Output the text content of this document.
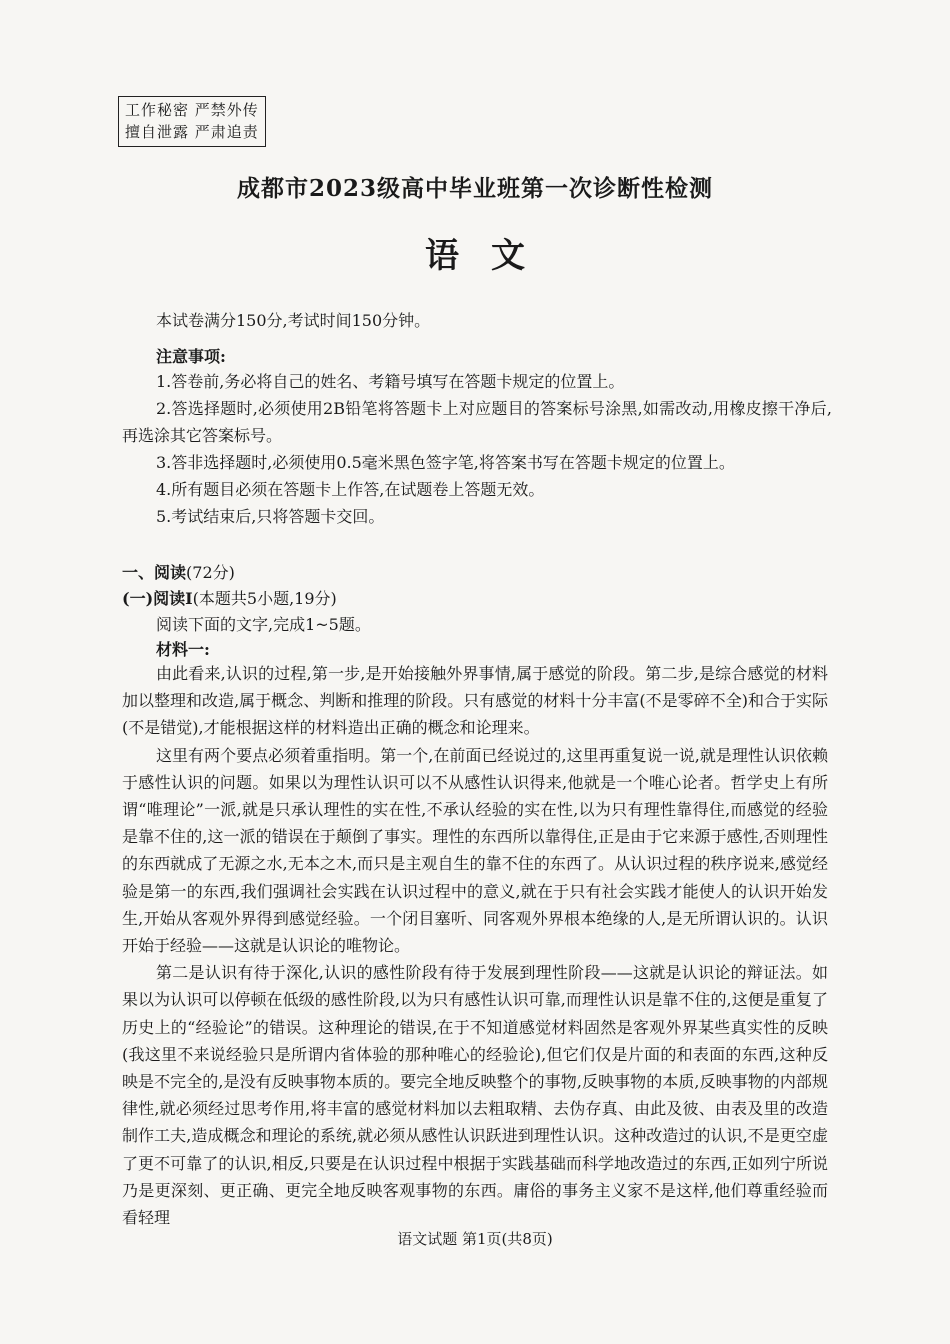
工作秘密 严禁外传
擅自泄露 严肃追责
成都市2023级高中毕业班第一次诊断性检测
语文
本试卷满分150分,考试时间150分钟。
注意事项:
1.答卷前,务必将自己的姓名、考籍号填写在答题卡规定的位置上。
2.答选择题时,必须使用2B铅笔将答题卡上对应题目的答案标号涂黑,如需改动,用橡皮擦干净后,再选涂其它答案标号。
3.答非选择题时,必须使用0.5毫米黑色签字笔,将答案书写在答题卡规定的位置上。
4.所有题目必须在答题卡上作答,在试题卷上答题无效。
5.考试结束后,只将答题卡交回。
一、阅读(72分)
(一)阅读Ⅰ(本题共5小题,19分)
阅读下面的文字,完成1~5题。
材料一:

由此看来,认识的过程,第一步,是开始接触外界事情,属于感觉的阶段。第二步,是综合感觉的材料加以整理和改造,属于概念、判断和推理的阶段。只有感觉的材料十分丰富(不是零碎不全)和合于实际(不是错觉),才能根据这样的材料造出正确的概念和论理来。

这里有两个要点必须着重指明。第一个,在前面已经说过的,这里再重复说一说,就是理性认识依赖于感性认识的问题。如果以为理性认识可以不从感性认识得来,他就是一个唯心论者。哲学史上有所谓“唯理论”一派,就是只承认理性的实在性,不承认经验的实在性,以为只有理性靠得住,而感觉的经验是靠不住的,这一派的错误在于颠倒了事实。理性的东西所以靠得住,正是由于它来源于感性,否则理性的东西就成了无源之水,无本之木,而只是主观自生的靠不住的东西了。从认识过程的秩序说来,感觉经验是第一的东西,我们强调社会实践在认识过程中的意义,就在于只有社会实践才能使人的认识开始发生,开始从客观外界得到感觉经验。一个闭目塞听、同客观外界根本绝缘的人,是无所谓认识的。认识开始于经验——这就是认识论的唯物论。

第二是认识有待于深化,认识的感性阶段有待于发展到理性阶段——这就是认识论的辩证法。如果以为认识可以停顿在低级的感性阶段,以为只有感性认识可靠,而理性认识是靠不住的,这便是重复了历史上的“经验论”的错误。这种理论的错误,在于不知道感觉材料固然是客观外界某些真实性的反映(我这里不来说经验只是所谓内省体验的那种唯心的经验论),但它们仅是片面的和表面的东西,这种反映是不完全的,是没有反映事物本质的。要完全地反映整个的事物,反映事物的本质,反映事物的内部规律性,就必须经过思考作用,将丰富的感觉材料加以去粗取精、去伪存真、由此及彼、由表及里的改造制作工夫,造成概念和理论的系统,就必须从感性认识跃进到理性认识。这种改造过的认识,不是更空虚了更不可靠了的认识,相反,只要是在认识过程中根据于实践基础而科学地改造过的东西,正如列宁所说乃是更深刻、更正确、更完全地反映客观事物的东西。庸俗的事务主义家不是这样,他们尊重经验而看轻理

语文试题 第1页(共8页)
